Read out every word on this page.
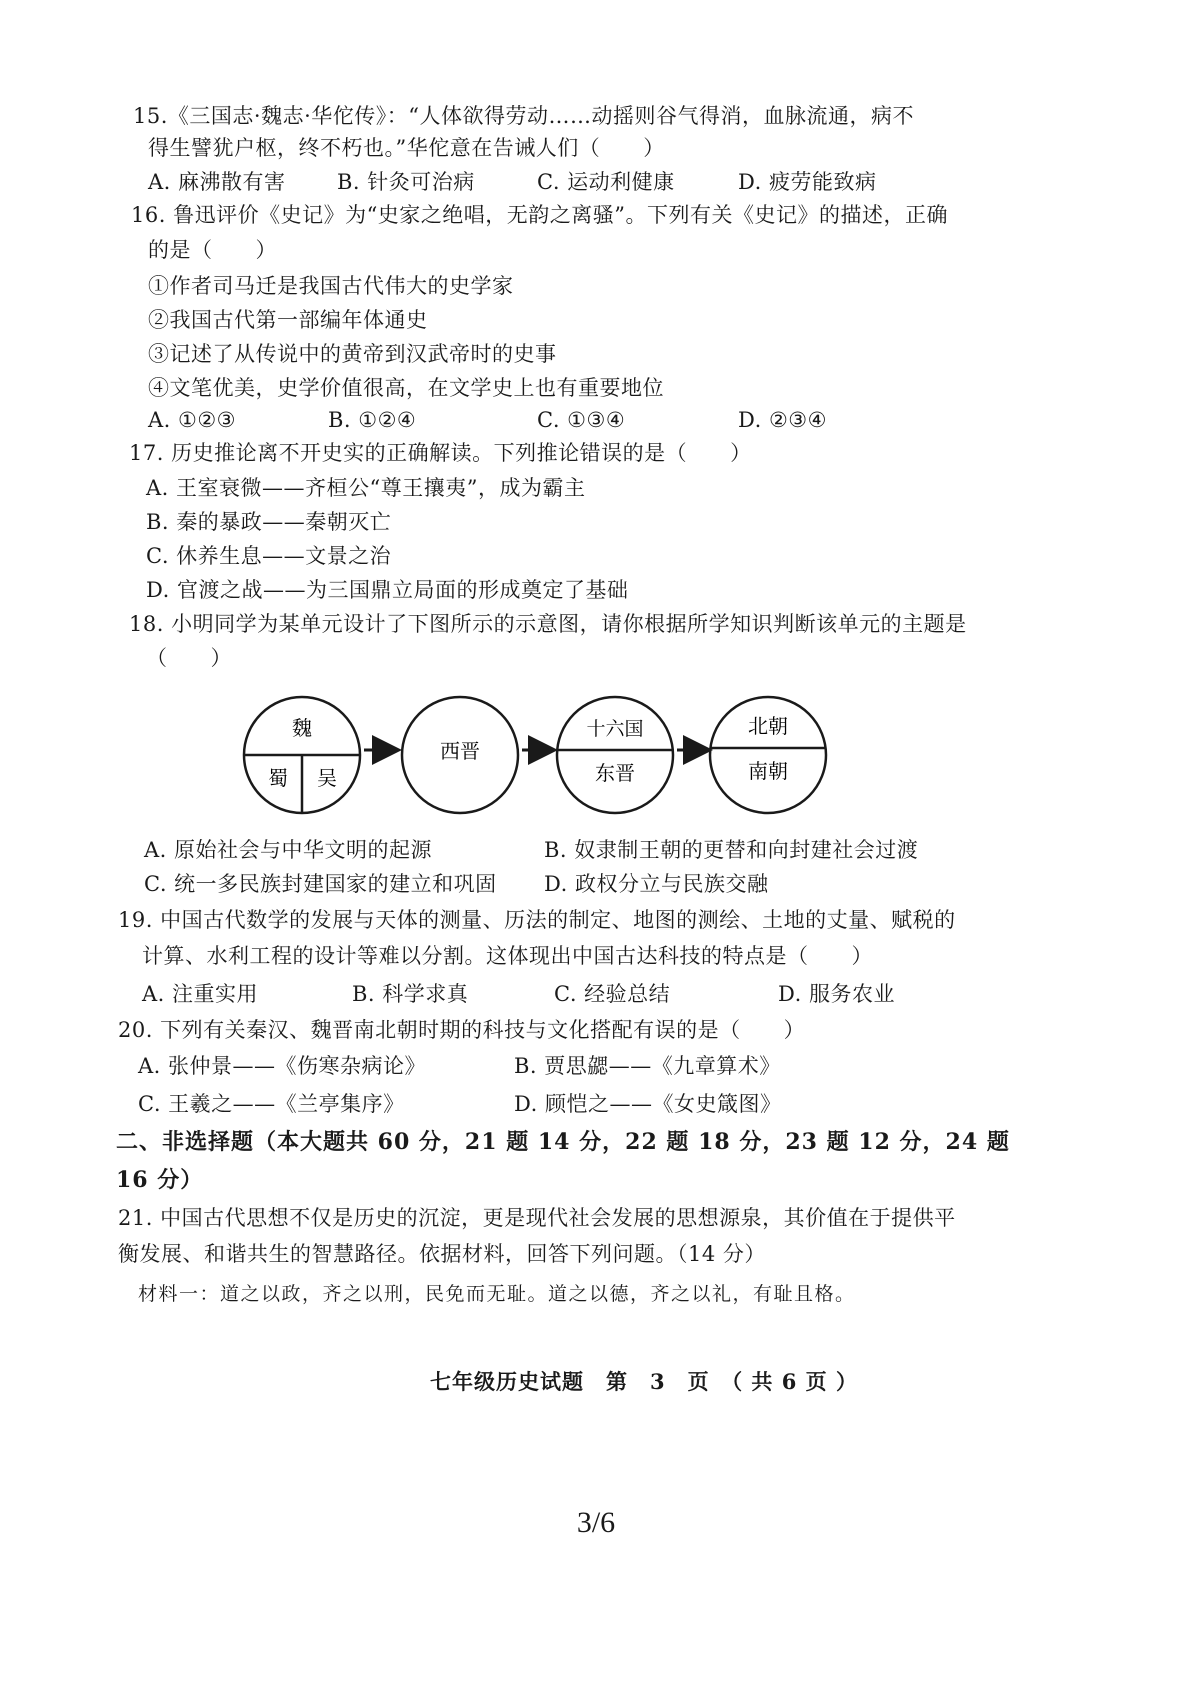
15.《三国志·魏志·华佗传》：“人体欲得劳动……动摇则谷气得消，血脉流通，病不
得生譬犹户枢，终不朽也。”华佗意在告诫人们（　　）
A. 麻沸散有害 B. 针灸可治病	C. 运动利健康	D. 疲劳能致病
16. 鲁迅评价《史记》为“史家之绝唱，无韵之离骚”。下列有关《史记》的描述，正确
的是（　　）
①作者司马迁是我国古代伟大的史学家
②我国古代第一部编年体通史
③记述了从传说中的黄帝到汉武帝时的史事
④文笔优美，史学价值很高，在文学史上也有重要地位
A. ①②③	B. ①②④	C. ①③④	D. ②③④
17. 历史推论离不开史实的正确解读。下列推论错误的是（　　）
A. 王室衰微——齐桓公“尊王攘夷”，成为霸主
B. 秦的暴政——秦朝灭亡
C. 休养生息——文景之治
D. 官渡之战——为三国鼎立局面的形成奠定了基础
18. 小明同学为某单元设计了下图所示的示意图，请你根据所学知识判断该单元的主题是
（　　）
魏
蜀 吴
西晋
十六国
东晋
北朝
南朝
A. 原始社会与中华文明的起源	B. 奴隶制王朝的更替和向封建社会过渡
C. 统一多民族封建国家的建立和巩固 D. 政权分立与民族交融
19. 中国古代数学的发展与天体的测量、历法的制定、地图的测绘、土地的丈量、赋税的
计算、水利工程的设计等难以分割。这体现出中国古达科技的特点是（　　）
A. 注重实用	B. 科学求真	C. 经验总结	D. 服务农业
20. 下列有关秦汉、魏晋南北朝时期的科技与文化搭配有误的是（　　）
A. 张仲景——《伤寒杂病论》	B. 贾思勰——《九章算术》
C. 王羲之——《兰亭集序》	D. 顾恺之——《女史箴图》
二、非选择题（本大题共 60 分，21 题 14 分，22 题 18 分，23 题 12 分，24 题
16 分）
21. 中国古代思想不仅是历史的沉淀，更是现代社会发展的思想源泉，其价值在于提供平
衡发展、和谐共生的智慧路径。依据材料，回答下列问题。（14 分）
材料一：道之以政，齐之以刑，民免而无耻。道之以德，齐之以礼，有耻且格。
七年级历史试题　第　3　页　（ 共 6 页 ）
3/6
